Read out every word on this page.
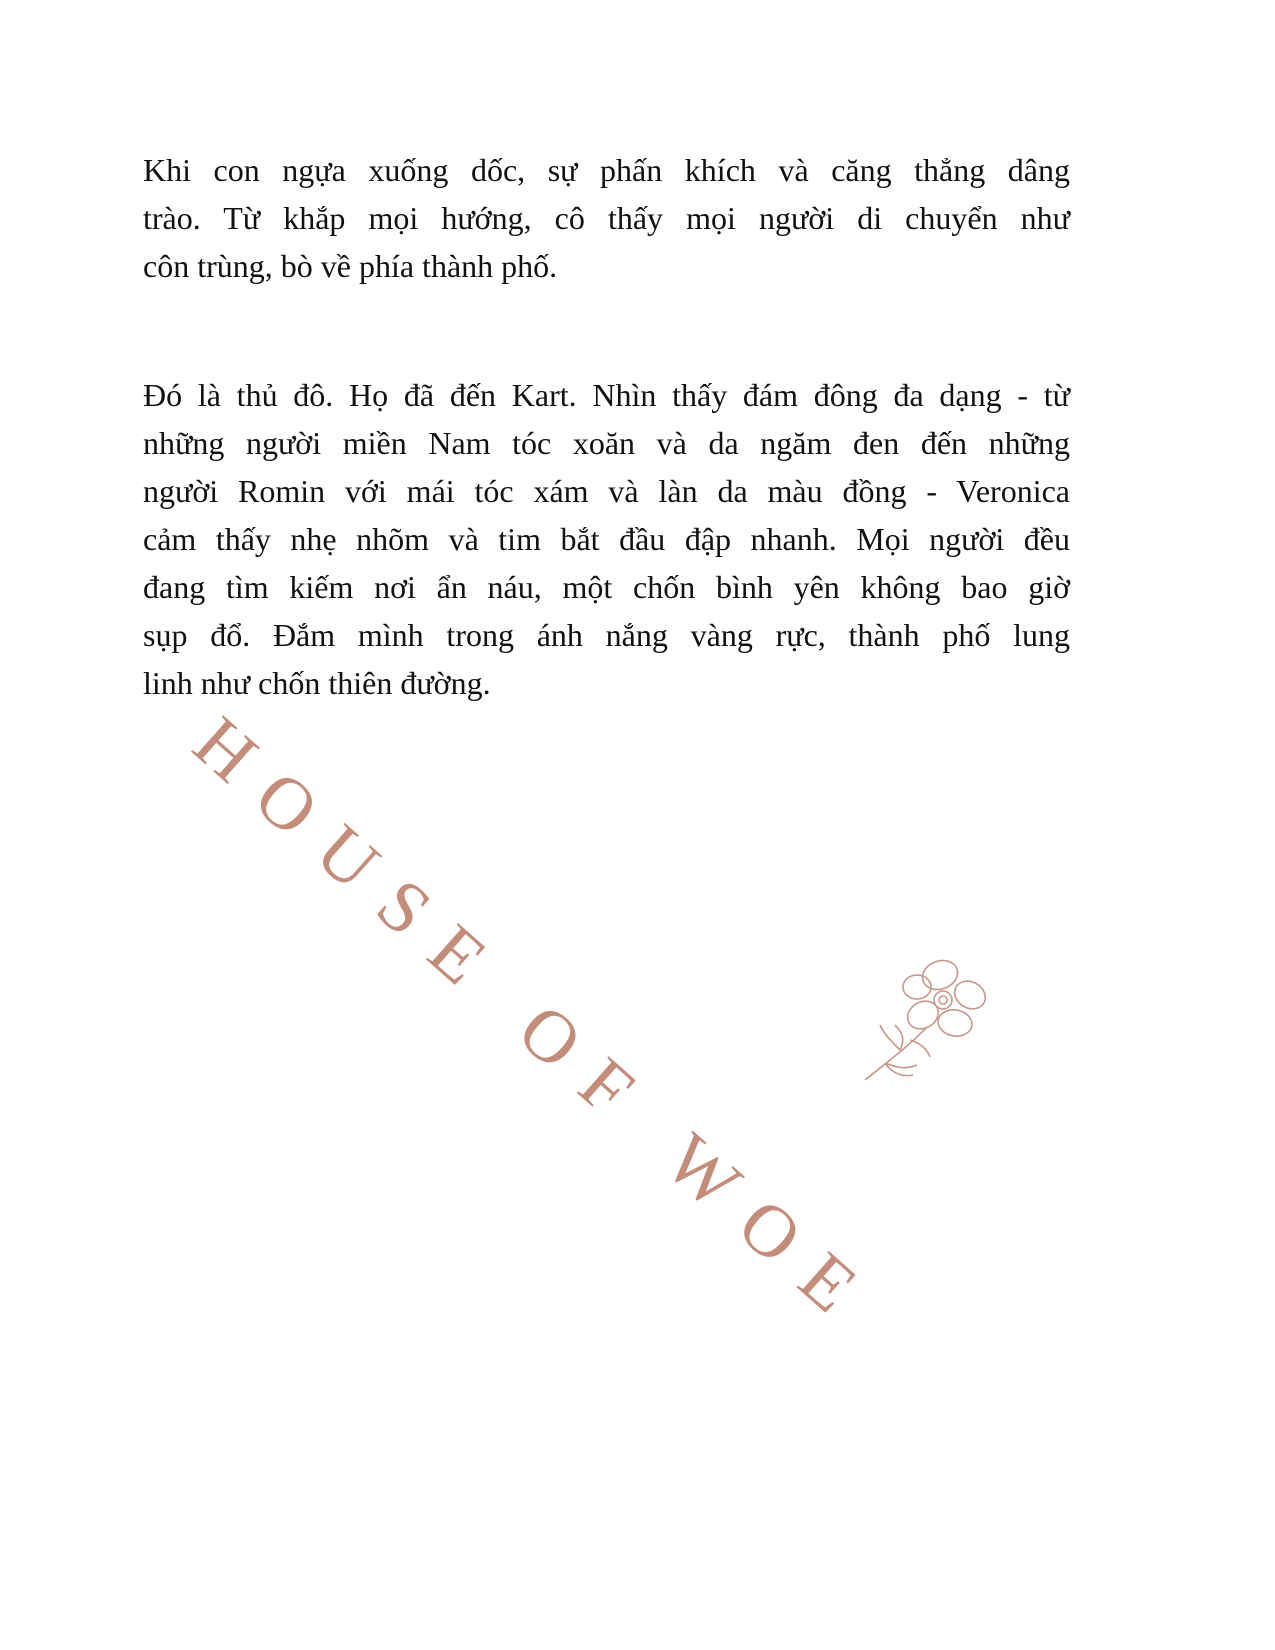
Khi con ngựa xuống dốc, sự phấn khích và căng thẳng dâng
trào. Từ khắp mọi hướng, cô thấy mọi người di chuyển như
côn trùng, bò về phía thành phố.
Đó là thủ đô. Họ đã đến Kart. Nhìn thấy đám đông đa dạng - từ
những người miền Nam tóc xoăn và da ngăm đen đến những
người Romin với mái tóc xám và làn da màu đồng - Veronica
cảm thấy nhẹ nhõm và tim bắt đầu đập nhanh. Mọi người đều
đang tìm kiếm nơi ẩn náu, một chốn bình yên không bao giờ
sụp đổ. Đắm mình trong ánh nắng vàng rực, thành phố lung
linh như chốn thiên đường.
HOUSE OF WOE
